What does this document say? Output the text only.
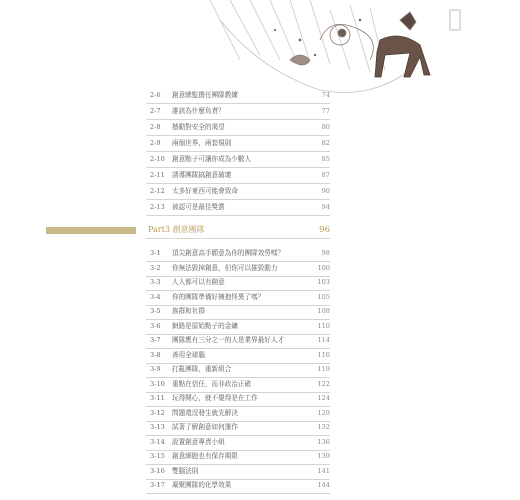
2-6 創意總監擔任團隊教練	74
2-7 誰該為什麼負責？	77
2-8 撼動對安全的渴望	80
2-9 兩個世界，兩套規則	82
2-10 創意點子可讓你成為少數人	85
2-11 誘導團隊搞創意破壞	87
2-12 太多好東西可能會致命	90
2-13 被認可是最佳獎賞	94
Part3 創意團隊	96
3-1 頂尖創意高手願意為你的團隊效勞嗎？	98
3-2 你無法毀掉創意，但你可以摧毀動力	100
3-3 人人都可以有創意	103
3-4 你的團隊準備好擁抱怪異了嗎？	105
3-5 族群和社群	108
3-6 網路是原始點子的金礦	110
3-7 團隊應有三分之一的人是業界最好人才	114
3-8 善用全球腦	116
3-9 打亂團隊，重新組合	119
3-10 重點在信任，而非政治正確	122
3-11 玩得開心，就不覺得是在工作	124
3-12 問題還沒發生就先解決	129
3-13 試著了解創意如何運作	132
3-14 設置創意專責小組	136
3-15 創意細胞也有保存期限	139
3-16 雙腦法則	141
3-17 凝聚團隊的化學效果	144
